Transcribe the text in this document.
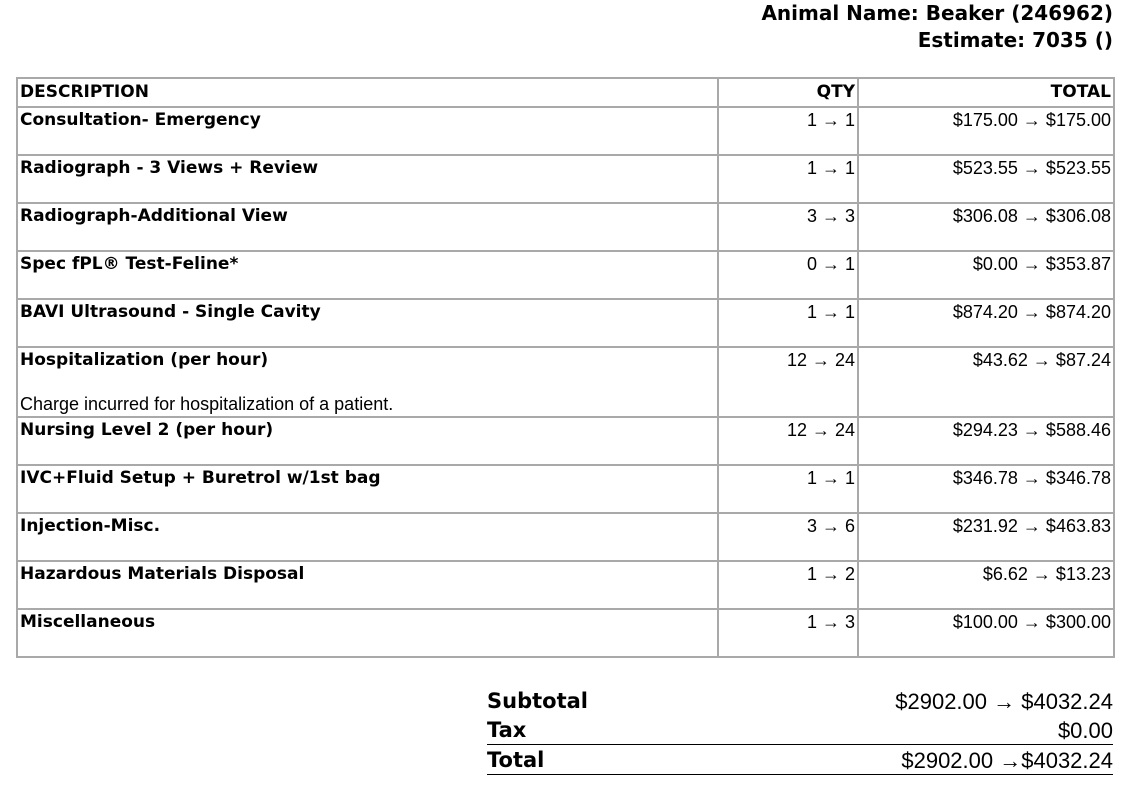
Animal Name: Beaker (246962)
Estimate: 7035 ()
DESCRIPTION	QTY	TOTAL

Consultation- Emergency	1 → 1	$175.00 → $175.00

Radiograph - 3 Views + Review	1 → 1	$523.55 → $523.55

Radiograph-Additional View	3 → 3	$306.08 → $306.08

Spec fPL® Test-Feline*	0 → 1	$0.00 → $353.87

BAVI Ultrasound - Single Cavity	1 → 1	$874.20 → $874.20

Hospitalization (per hour)
Charge incurred for hospitalization of a patient.	12 → 24	$43.62 → $87.24

Nursing Level 2 (per hour)	12 → 24	$294.23 → $588.46

IVC+Fluid Setup + Buretrol w/1st bag	1 → 1	$346.78 → $346.78

Injection-Misc.	3 → 6	$231.92 → $463.83

Hazardous Materials Disposal	1 → 2	$6.62 → $13.23

Miscellaneous	1 → 3	$100.00 → $300.00
Subtotal	$2902.00 → $4032.24
Tax	$0.00
Total	$2902.00 →$4032.24
